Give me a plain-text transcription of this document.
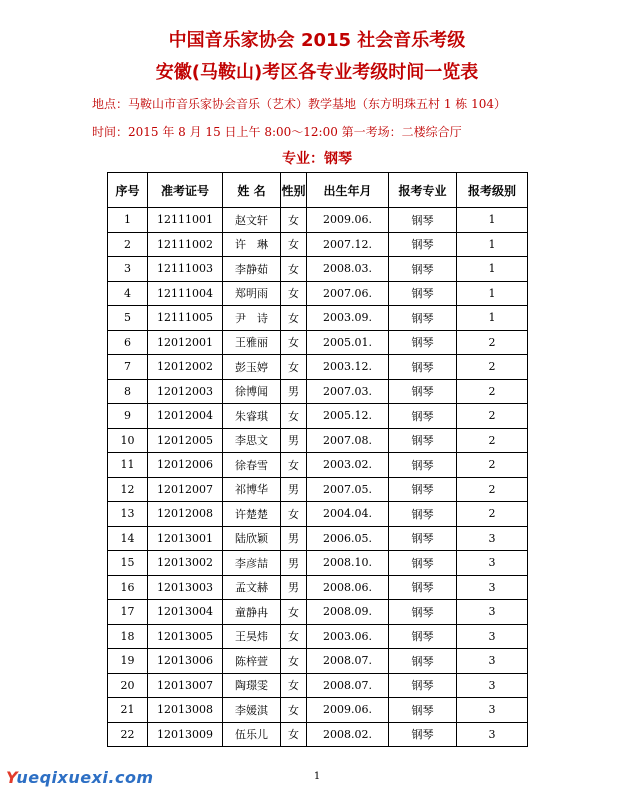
中国音乐家协会 2015 社会音乐考级
安徽(马鞍山)考区各专业考级时间一览表
地点：马鞍山市音乐家协会音乐（艺术）教学基地（东方明珠五村 1 栋 104）
时间：2015 年 8 月 15 日上午 8:00～12:00 第一考场：二楼综合厅
专业：钢琴
序号	准考证号	姓 名	性别	出生年月	报考专业	报考级别
1	12111001	赵文轩	女	2009.06.	钢琴	1
2	12111002	许　琳	女	2007.12.	钢琴	1
3	12111003	李静茹	女	2008.03.	钢琴	1
4	12111004	郑明雨	女	2007.06.	钢琴	1
5	12111005	尹　诗	女	2003.09.	钢琴	1
6	12012001	王雅丽	女	2005.01.	钢琴	2
7	12012002	彭玉婷	女	2003.12.	钢琴	2
8	12012003	徐博闻	男	2007.03.	钢琴	2
9	12012004	朱睿琪	女	2005.12.	钢琴	2
10	12012005	李思文	男	2007.08.	钢琴	2
11	12012006	徐春雪	女	2003.02.	钢琴	2
12	12012007	祁博华	男	2007.05.	钢琴	2
13	12012008	许楚楚	女	2004.04.	钢琴	2
14	12013001	陆欣颖	男	2006.05.	钢琴	3
15	12013002	李彦喆	男	2008.10.	钢琴	3
16	12013003	孟文赫	男	2008.06.	钢琴	3
17	12013004	童静冉	女	2008.09.	钢琴	3
18	12013005	王昊炜	女	2003.06.	钢琴	3
19	12013006	陈梓萱	女	2008.07.	钢琴	3
20	12013007	陶璟雯	女	2008.07.	钢琴	3
21	12013008	李媛淇	女	2009.06.	钢琴	3
22	12013009	伍乐儿	女	2008.02.	钢琴	3
1
Yueqixuexi.com
